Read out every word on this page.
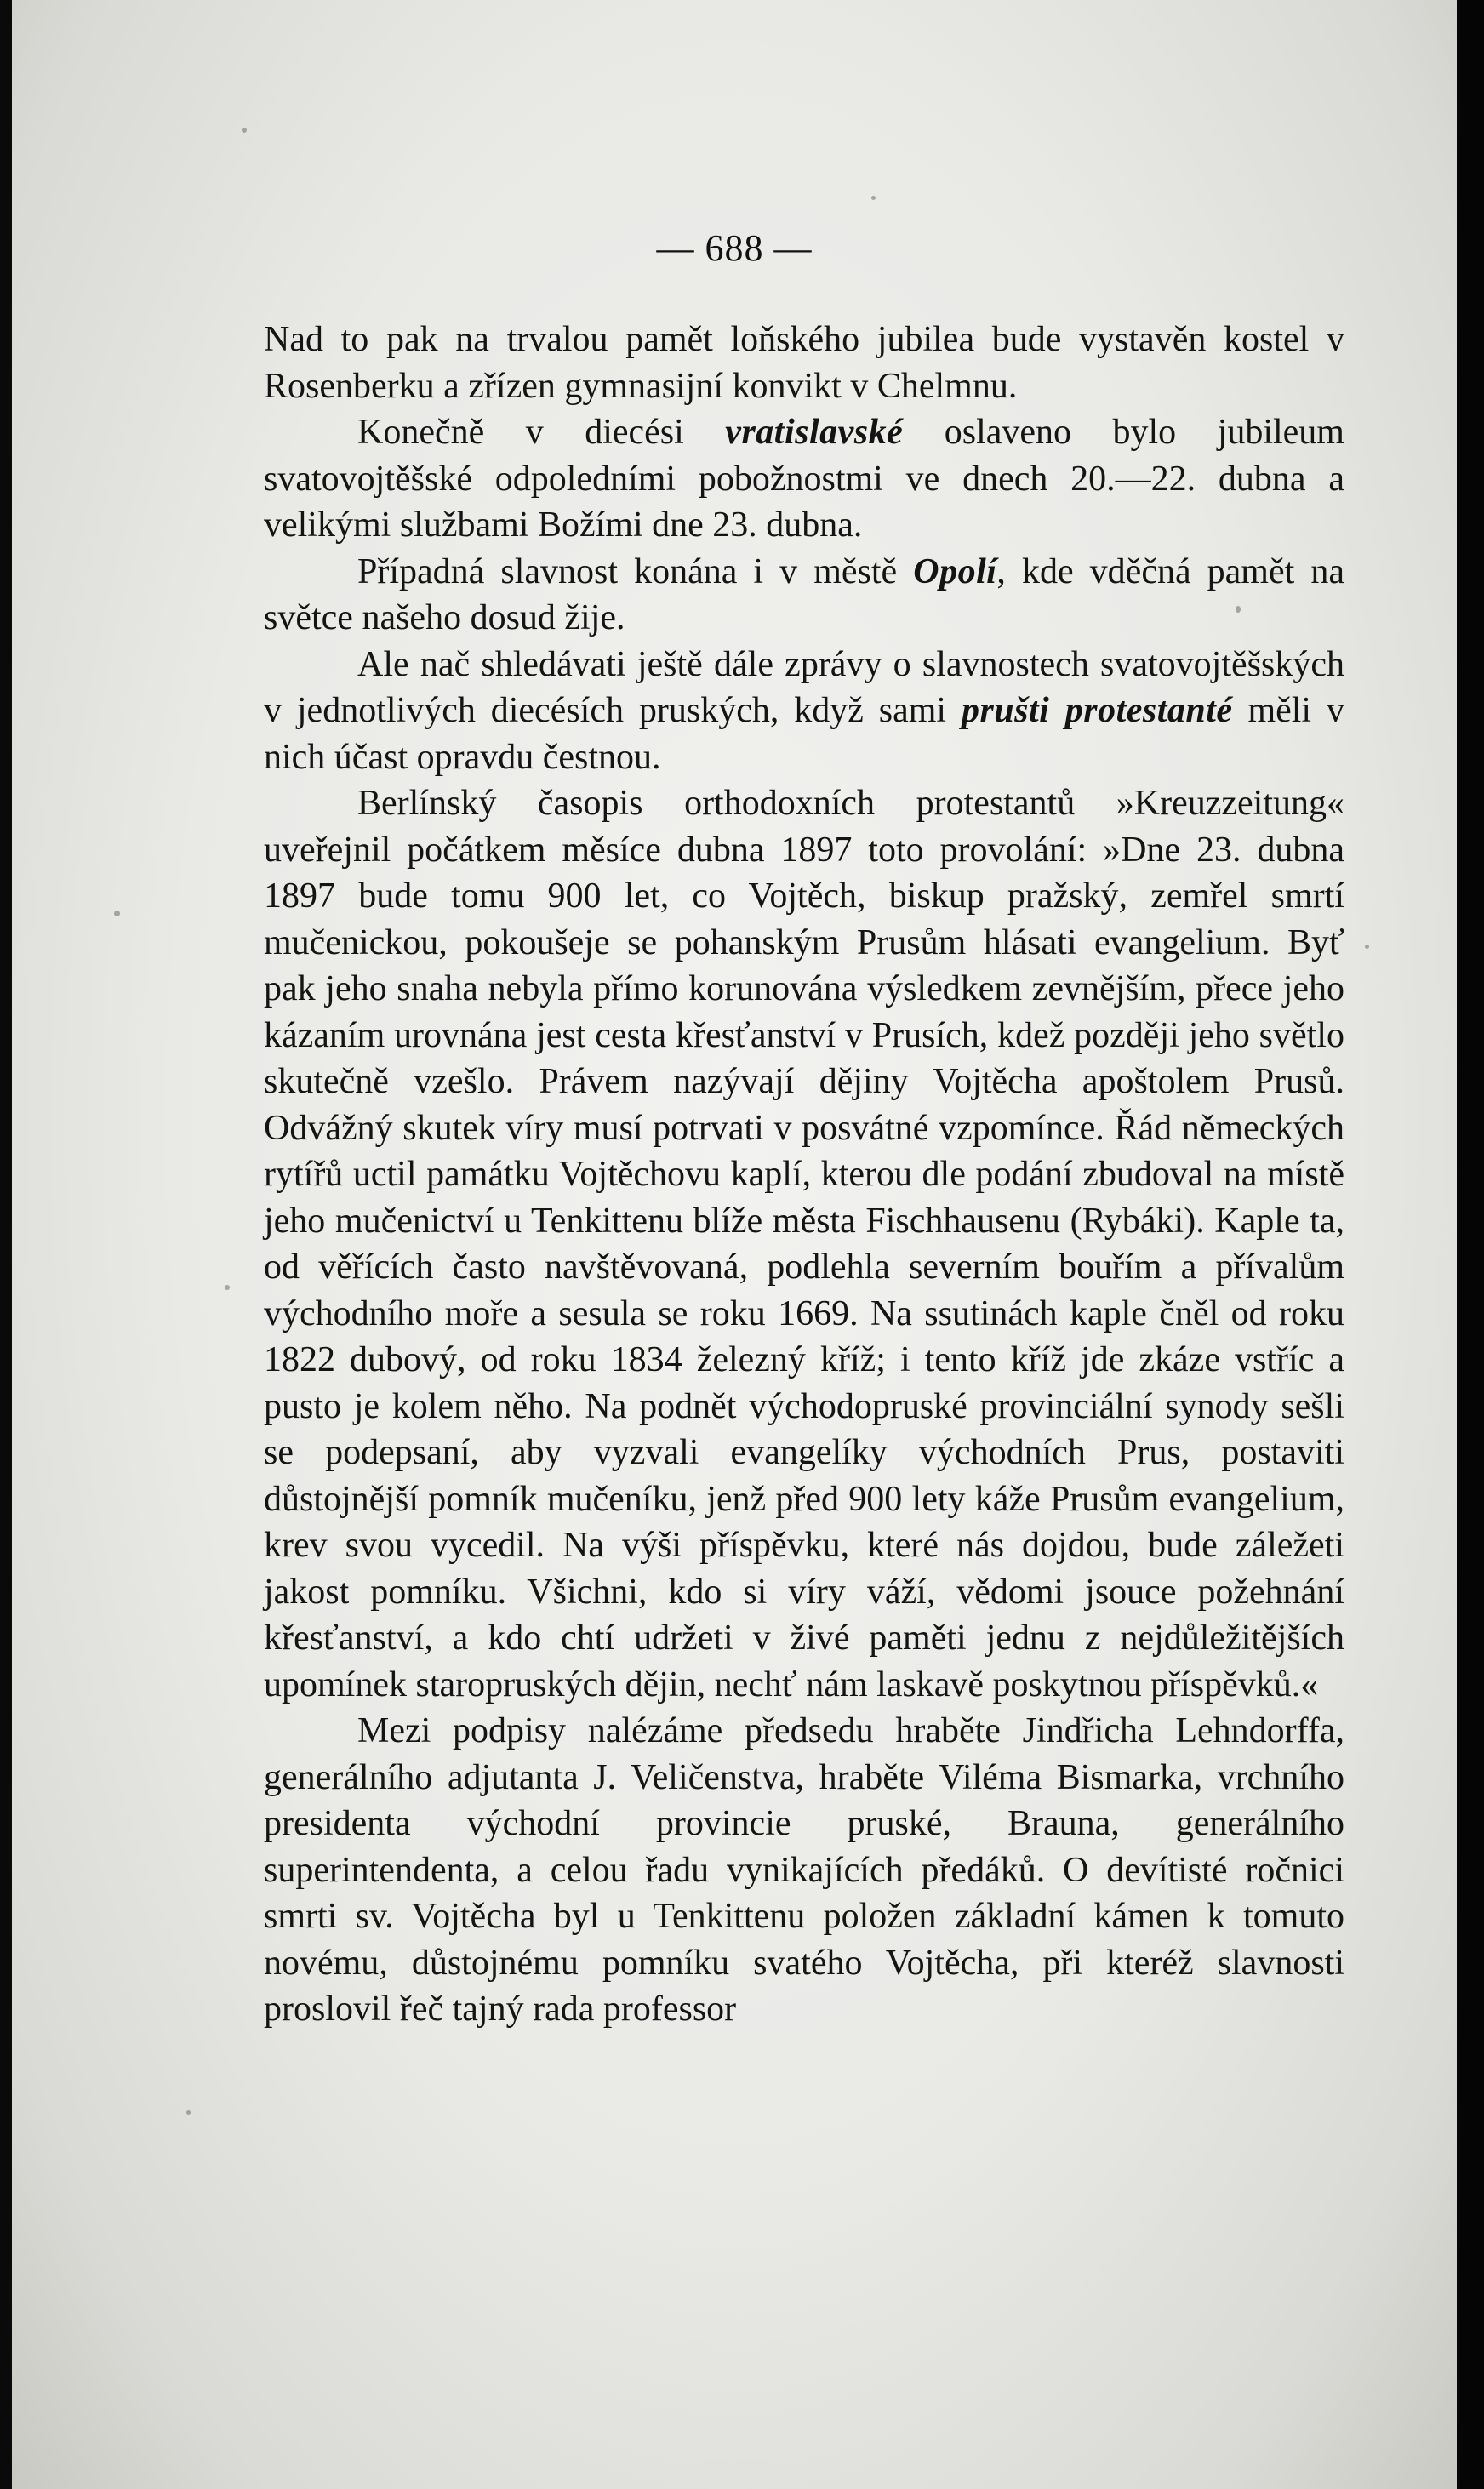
— 688 —

Nad to pak na trvalou pamět loňského jubilea bude vystavěn kostel v Rosenberku a zřízen gymnasijní konvikt v Chelmnu.

Konečně v diecési vratislavské oslaveno bylo jubileum svatovojtěšské odpoledními pobožnostmi ve dnech 20.—22. dubna a velikými službami Božími dne 23. dubna.

Případná slavnost konána i v městě Opolí, kde vděčná pamět na světce našeho dosud žije.

Ale nač shledávati ještě dále zprávy o slavnostech svatovojtěšských v jednotlivých diecésích pruských, když sami prušti protestanté měli v nich účast opravdu čestnou.

Berlínský časopis orthodoxních protestantů »Kreuzzeitung« uveřejnil počátkem měsíce dubna 1897 toto provolání: »Dne 23. dubna 1897 bude tomu 900 let, co Vojtěch, biskup pražský, zemřel smrtí mučenickou, pokoušeje se pohanským Prusům hlásati evangelium. Byť pak jeho snaha nebyla přímo korunována výsledkem zevnějším, přece jeho kázaním urovnána jest cesta křesťanství v Prusích, kdež později jeho světlo skutečně vzešlo. Právem nazývají dějiny Vojtěcha apoštolem Prusů. Odvážný skutek víry musí potrvati v posvátné vzpomínce. Řád německých rytířů uctil památku Vojtěchovu kaplí, kterou dle podání zbudoval na místě jeho mučenictví u Tenkittenu blíže města Fischhausenu (Rybáki). Kaple ta, od věřících často navštěvovaná, podlehla severním bouřím a přívalům východního moře a sesula se roku 1669. Na ssutinách kaple čněl od roku 1822 dubový, od roku 1834 železný kříž; i tento kříž jde zkáze vstříc a pusto je kolem něho. Na podnět východopruské provinciální synody sešli se podepsaní, aby vyzvali evangelíky východních Prus, postaviti důstojnější pomník mučeníku, jenž před 900 lety káže Prusům evangelium, krev svou vycedil. Na výši příspěvku, které nás dojdou, bude záležeti jakost pomníku. Všichni, kdo si víry váží, vědomi jsouce požehnání křesťanství, a kdo chtí udržeti v živé paměti jednu z nejdůležitějších upomínek staropruských dějin, nechť nám laskavě poskytnou příspěvků.«

Mezi podpisy nalézáme předsedu hraběte Jindřicha Lehndorffa, generálního adjutanta J. Veličenstva, hraběte Viléma Bismarka, vrchního presidenta východní provincie pruské, Brauna, generálního superintendenta, a celou řadu vynikajících předáků. O devítisté ročnici smrti sv. Vojtěcha byl u Tenkittenu položen základní kámen k tomuto novému, důstojnému pomníku svatého Vojtěcha, při kteréž slavnosti proslovil řeč tajný rada professor
